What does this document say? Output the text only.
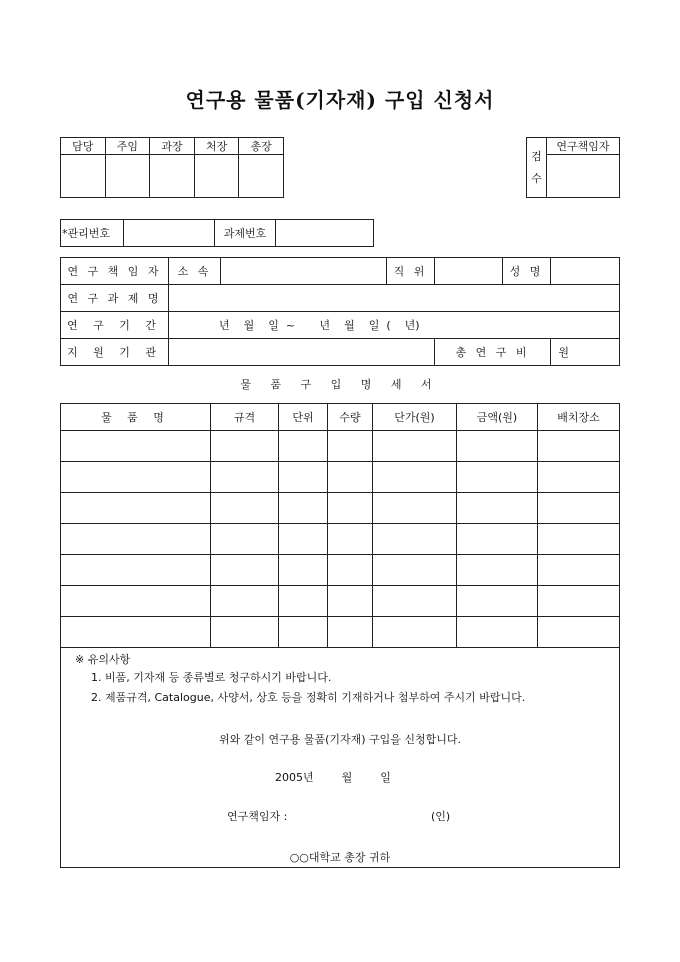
연구용 물품(기자재) 구입 신청서
담당	주임	과장	처장	총장

검
수	연구책임자

*관리번호		과제번호	
연 구 책 임 자	소 속		직 위		성 명	
연 구 과 제 명						
연 구 기 간	년    월    일  ~       년    월    일  (    년)					
지 원 기 관				총 연 구 비		원
물 품 구 입 명 세 서
물 품 명	규격	단위	수량	단가(원)	금액(원)	배치장소

※ 유의사항
1. 비품, 기자재 등 종류별로 청구하시기 바랍니다.
2. 제품규격, Catalogue, 사양서, 상호 등을 정확히 기재하거나 첨부하여 주시기 바랍니다.
위와 같이 연구용 물품(기자재) 구입을 신청합니다.
2005년        월        일
연구책임자 :	(인)
○○대학교 총장 귀하
